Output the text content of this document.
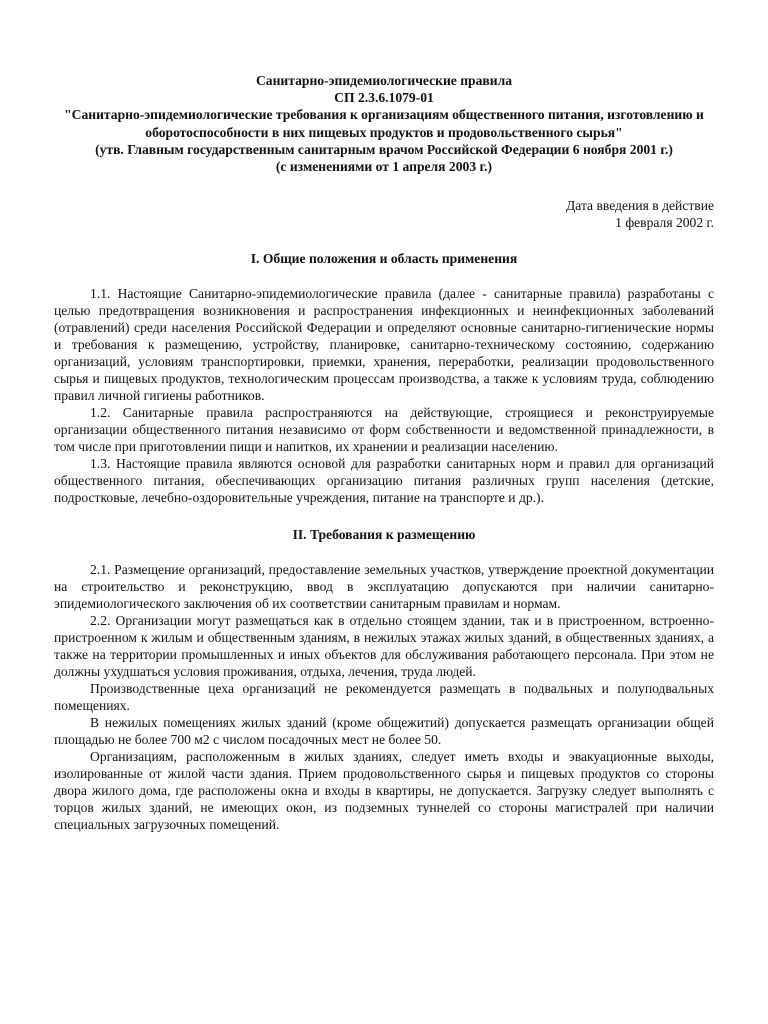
Санитарно-эпидемиологические правила
СП 2.3.6.1079-01
"Санитарно-эпидемиологические требования к организациям общественного питания, изготовлению и оборотоспособности в них пищевых продуктов и продовольственного сырья"
(утв. Главным государственным санитарным врачом Российской Федерации 6 ноября 2001 г.)
(с изменениями от 1 апреля 2003 г.)
Дата введения в действие
1 февраля 2002 г.
I. Общие положения и область применения

1.1. Настоящие Санитарно-эпидемиологические правила (далее - санитарные правила) разработаны с целью предотвращения возникновения и распространения инфекционных и неинфекционных заболеваний (отравлений) среди населения Российской Федерации и определяют основные санитарно-гигиенические нормы и требования к размещению, устройству, планировке, санитарно-техническому состоянию, содержанию организаций, условиям транспортировки, приемки, хранения, переработки, реализации продовольственного сырья и пищевых продуктов, технологическим процессам производства, а также к условиям труда, соблюдению правил личной гигиены работников.

1.2. Санитарные правила распространяются на действующие, строящиеся и реконструируемые организации общественного питания независимо от форм собственности и ведомственной принадлежности, в том числе при приготовлении пищи и напитков, их хранении и реализации населению.

1.3. Настоящие правила являются основой для разработки санитарных норм и правил для организаций общественного питания, обеспечивающих организацию питания различных групп населения (детские, подростковые, лечебно-оздоровительные учреждения, питание на транспорте и др.).

II. Требования к размещению

2.1. Размещение организаций, предоставление земельных участков, утверждение проектной документации на строительство и реконструкцию, ввод в эксплуатацию допускаются при наличии санитарно-эпидемиологического заключения об их соответствии санитарным правилам и нормам.

2.2. Организации могут размещаться как в отдельно стоящем здании, так и в пристроенном, встроенно-пристроенном к жилым и общественным зданиям, в нежилых этажах жилых зданий, в общественных зданиях, а также на территории промышленных и иных объектов для обслуживания работающего персонала. При этом не должны ухудшаться условия проживания, отдыха, лечения, труда людей.

Производственные цеха организаций не рекомендуется размещать в подвальных и полуподвальных помещениях.

В нежилых помещениях жилых зданий (кроме общежитий) допускается размещать организации общей площадью не более 700 м2 с числом посадочных мест не более 50.

Организациям, расположенным в жилых зданиях, следует иметь входы и эвакуационные выходы, изолированные от жилой части здания. Прием продовольственного сырья и пищевых продуктов со стороны двора жилого дома, где расположены окна и входы в квартиры, не допускается. Загрузку следует выполнять с торцов жилых зданий, не имеющих окон, из подземных туннелей со стороны магистралей при наличии специальных загрузочных помещений.
